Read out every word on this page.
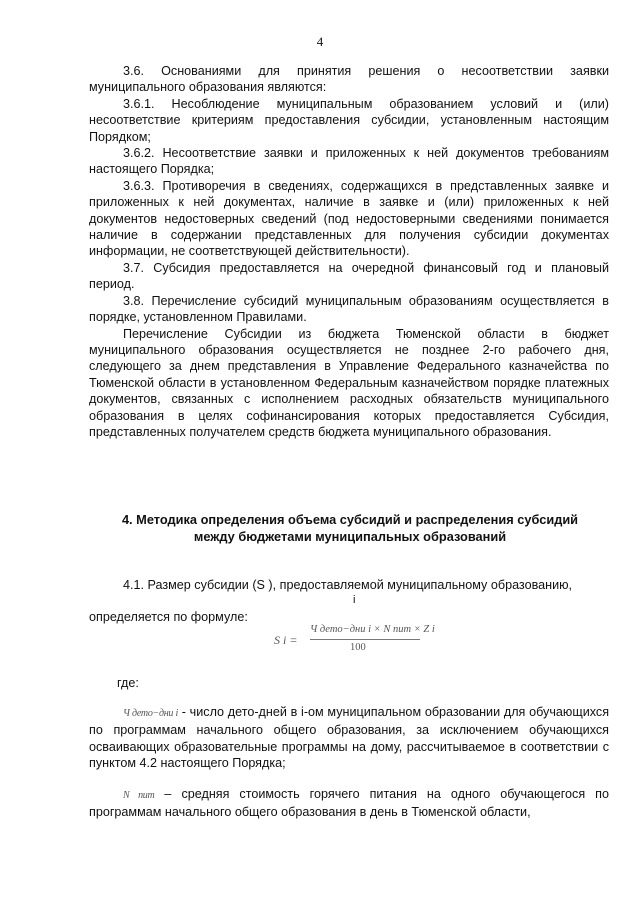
4

3.6. Основаниями для принятия решения о несоответствии заявки муниципального образования являются:

3.6.1. Несоблюдение муниципальным образованием условий и (или) несоответствие критериям предоставления субсидии, установленным настоящим Порядком;

3.6.2. Несоответствие заявки и приложенных к ней документов требованиям настоящего Порядка;

3.6.3. Противоречия в сведениях, содержащихся в представленных заявке и приложенных к ней документах, наличие в заявке и (или) приложенных к ней документов недостоверных сведений (под недостоверными сведениями понимается наличие в содержании представленных для получения субсидии документах информации, не соответствующей действительности).

3.7. Субсидия предоставляется на очередной финансовый год и плановый период.

3.8. Перечисление субсидий муниципальным образованиям осуществляется в порядке, установленном Правилами.

Перечисление Субсидии из бюджета Тюменской области в бюджет муниципального образования осуществляется не позднее 2-го рабочего дня, следующего за днем представления в Управление Федерального казначейства по Тюменской области в установленном Федеральным казначейством порядке платежных документов, связанных с исполнением расходных обязательств муниципального образования в целях софинансирования которых предоставляется Субсидия, представленных получателем средств бюджета муниципального образования.

4. Методика определения объема субсидий и распределения субсидий
между бюджетами муниципальных образований
4.1. Размер субсидии (S ), предоставляемой муниципальному образованию,
i
определяется по формуле:
S i =
Ч дето−дни i × N пит × Z i
100
где:

Ч дето−дни i - число дето-дней в i-ом муниципальном образовании для обучающихся по программам начального общего образования, за исключением обучающихся осваивающих образовательные программы на дому, рассчитываемое в соответствии с пунктом 4.2 настоящего Порядка;

N пит – средняя стоимость горячего питания на одного обучающегося по программам начального общего образования в день в Тюменской области,
